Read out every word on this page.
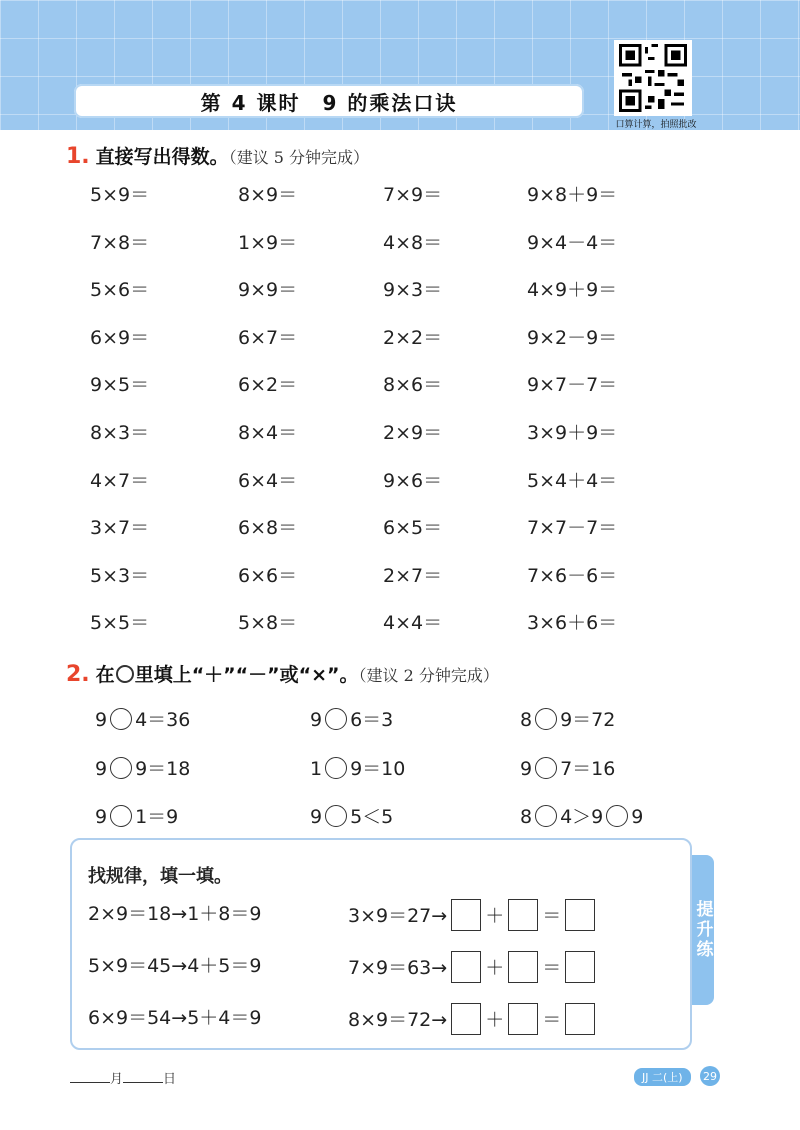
第 4 课时 9 的乘法口诀
口算计算，拍照批改
1. 直接写出得数。（建议 5 分钟完成）
5×9＝	8×9＝	7×9＝	9×8＋9＝
7×8＝	1×9＝	4×8＝	9×4－4＝
5×6＝	9×9＝	9×3＝	4×9＋9＝
6×9＝	6×7＝	2×2＝	9×2－9＝
9×5＝	6×2＝	8×6＝	9×7－7＝
8×3＝	8×4＝	2×9＝	3×9＋9＝
4×7＝	6×4＝	9×6＝	5×4＋4＝
3×7＝	6×8＝	6×5＝	7×7－7＝
5×3＝	6×6＝	2×7＝	7×6－6＝
5×5＝	5×8＝	4×4＝	3×6＋6＝
2. 在 里填上“＋”“－”或“×”。（建议 2 分钟完成）
9 4＝36	9 6＝3	8 9＝72
9 9＝18	1 9＝10	9 7＝16
9 1＝9	9 5＜5	8 4＞9 9
找规律，填一填。
2×9＝18→1＋8＝9
5×9＝45→4＋5＝9
6×9＝54→5＋4＝9
3×9＝27→ ＋ ＝
7×9＝63→ ＋ ＝
8×9＝72→ ＋ ＝
提升练
月	日	JJ 二(上)	29
